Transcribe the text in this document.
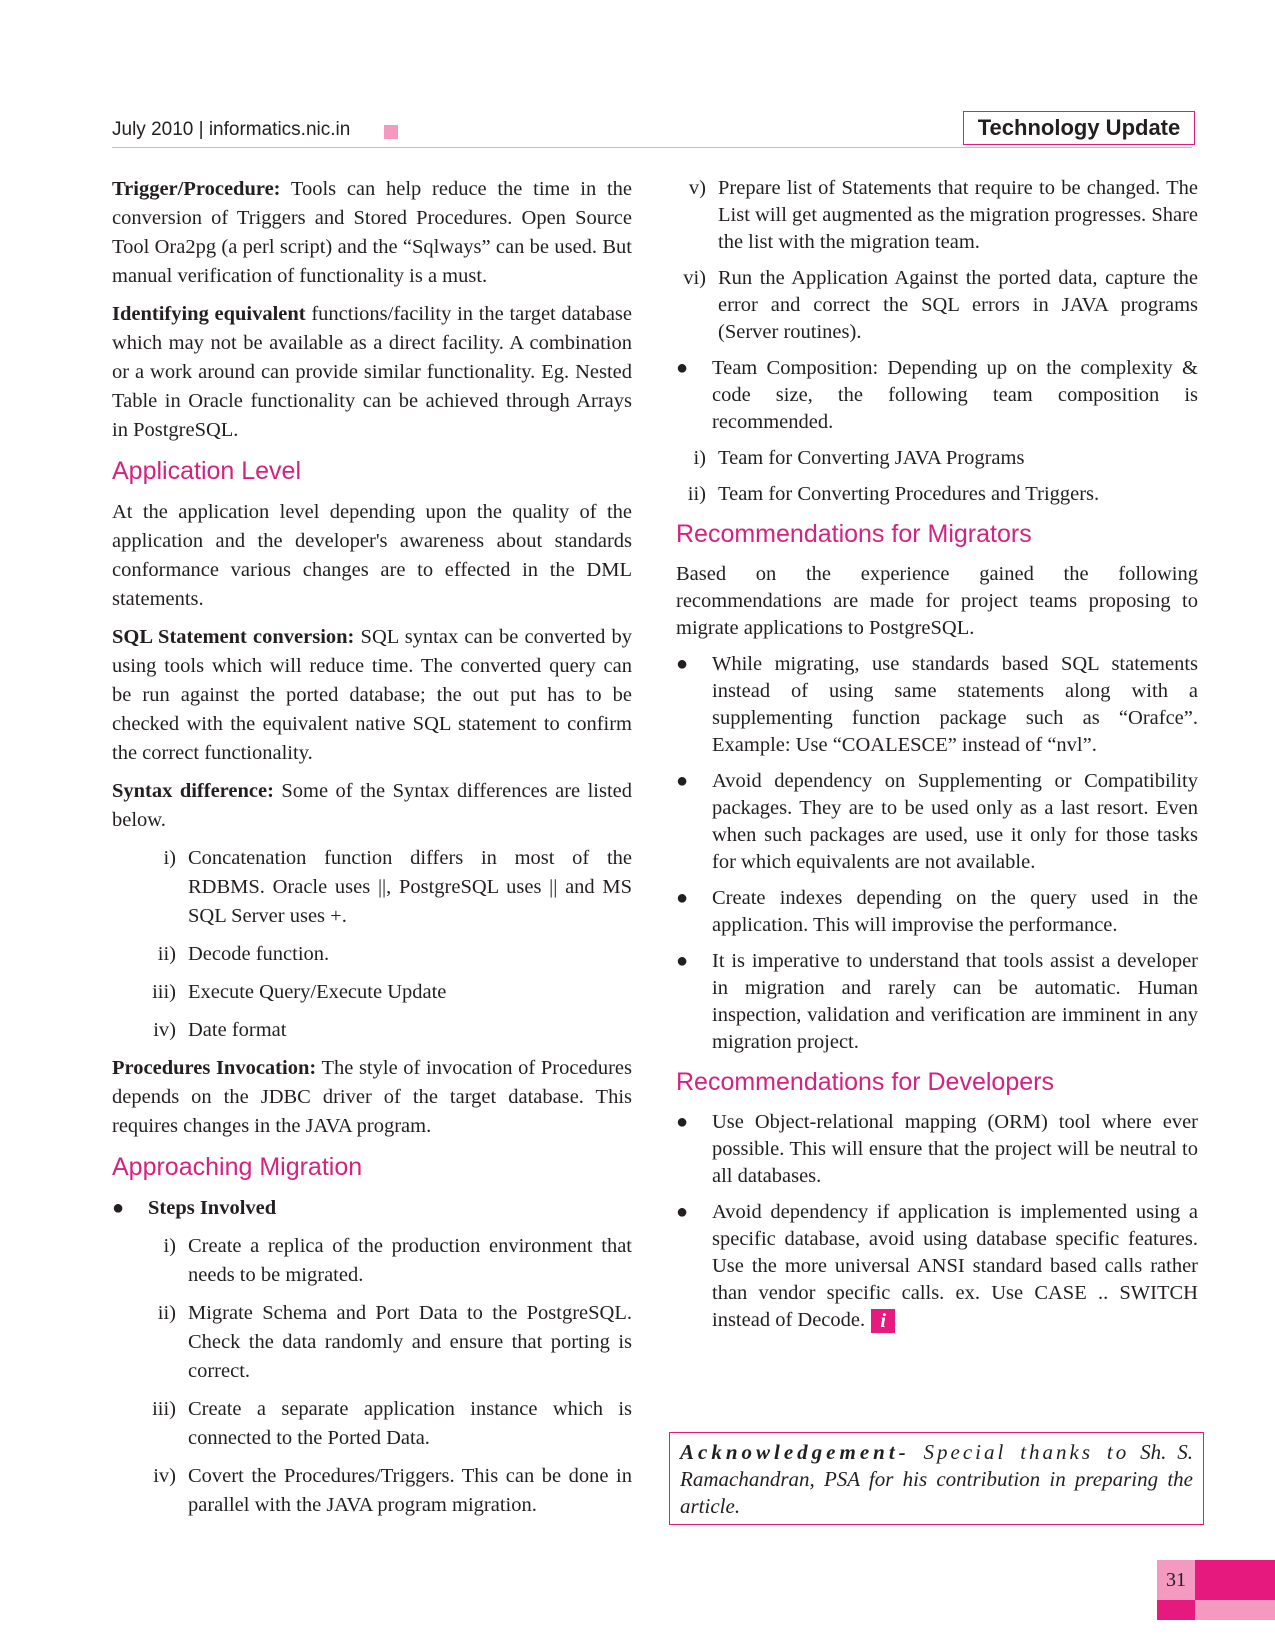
July 2010 | informatics.nic.in	Technology Update

Trigger/Procedure: Tools can help reduce the time in the conversion of Triggers and Stored Procedures. Open Source Tool Ora2pg (a perl script) and the “Sqlways” can be used. But manual verification of functionality is a must.

Identifying equivalent functions/facility in the target database which may not be available as a direct facility. A combination or a work around can provide similar functionality. Eg. Nested Table in Oracle functionality can be achieved through Arrays in PostgreSQL.

Application Level

At the application level depending upon the quality of the application and the developer's awareness about standards conformance various changes are to effected in the DML statements.

SQL Statement conversion: SQL syntax can be converted by using tools which will reduce time. The converted query can be run against the ported database; the out put has to be checked with the equivalent native SQL statement to confirm the correct functionality.

Syntax difference: Some of the Syntax differences are listed below.

i) Concatenation function differs in most of the RDBMS. Oracle uses ||, PostgreSQL uses || and MS SQL Server uses +.
ii) Decode function.
iii) Execute Query/Execute Update
iv) Date format

Procedures Invocation: The style of invocation of Procedures depends on the JDBC driver of the target database. This requires changes in the JAVA program.

Approaching Migration
●	Steps Involved
i) Create a replica of the production environment that needs to be migrated.
ii) Migrate Schema and Port Data to the PostgreSQL. Check the data randomly and ensure that porting is correct.
iii) Create a separate application instance which is connected to the Ported Data.
iv) Covert the Procedures/Triggers. This can be done in parallel with the JAVA program migration.
v) Prepare list of Statements that require to be changed. The List will get augmented as the migration progresses. Share the list with the migration team.
vi) Run the Application Against the ported data, capture the error and correct the SQL errors in JAVA programs (Server routines).
●	Team Composition: Depending up on the complexity & code size, the following team composition is recommended.
i) Team for Converting JAVA Programs
ii) Team for Converting Procedures and Triggers.
Recommendations for Migrators

Based on the experience gained the following recommendations are made for project teams proposing to migrate applications to PostgreSQL.

●	While migrating, use standards based SQL statements instead of using same statements along with a supplementing function package such as “Orafce”. Example: Use “COALESCE” instead of “nvl”.
●	Avoid dependency on Supplementing or Compatibility packages. They are to be used only as a last resort. Even when such packages are used, use it only for those tasks for which equivalents are not available.
●	Create indexes depending on the query used in the application. This will improvise the performance.
●	It is imperative to understand that tools assist a developer in migration and rarely can be automatic. Human inspection, validation and verification are imminent in any migration project.
Recommendations for Developers
●	Use Object-relational mapping (ORM) tool where ever possible. This will ensure that the project will be neutral to all databases.
●	Avoid dependency if application is implemented using a specific database, avoid using database specific features. Use the more universal ANSI standard based calls rather than vendor specific calls. ex. Use CASE .. SWITCH instead of Decode. i
Acknowledgement- Special thanks to Sh. S. Ramachandran, PSA for his contribution in preparing the article.
31
